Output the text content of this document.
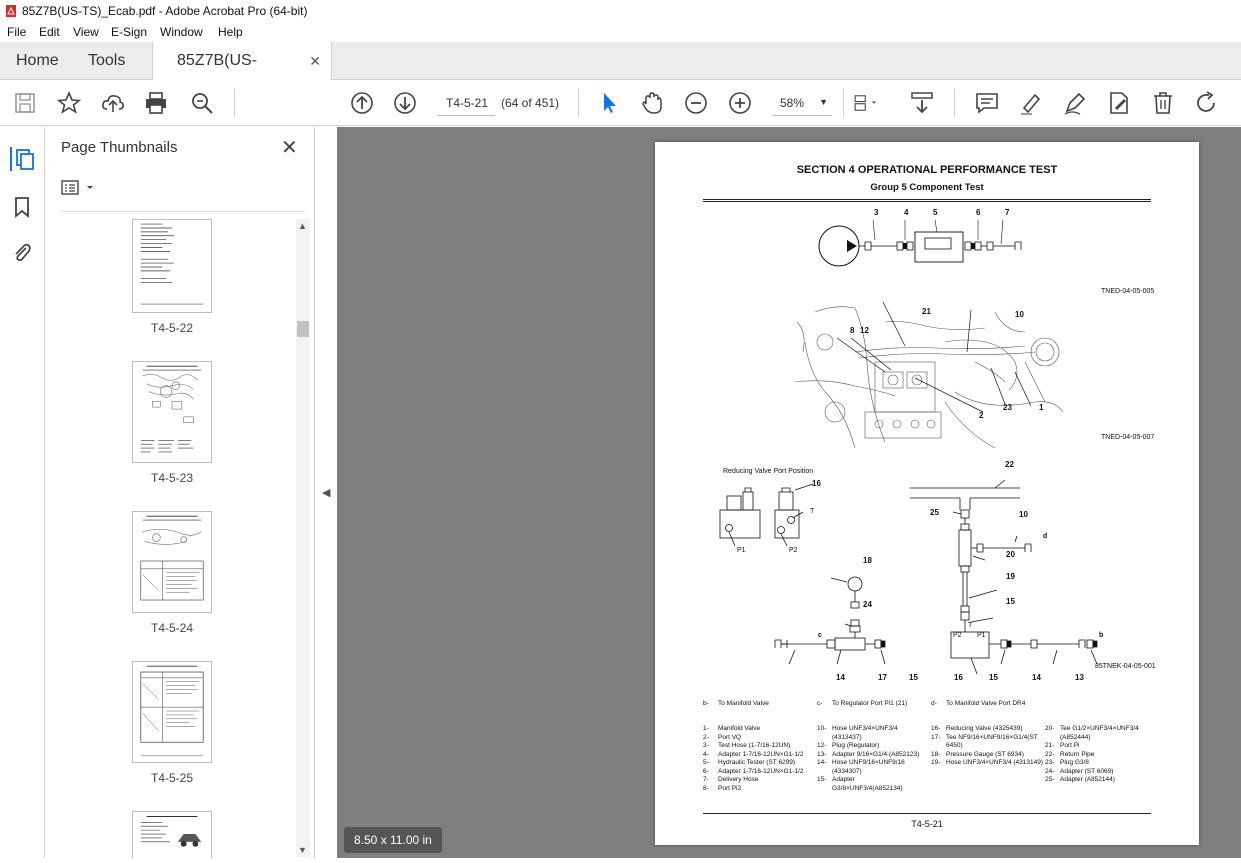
85Z7B(US-TS)_Ecab.pdf - Adobe Acrobat Pro (64-bit)
File Edit View E-Sign Window Help
Home Tools	85Z7B(US-	✕
T4-5-21	(64 of 451)	58% ▼
Page Thumbnails	✕
T4-5-22
T4-5-23
T4-5-24
T4-5-25
▲
▼
◀
SECTION 4 OPERATIONAL PERFORMANCE TEST
Group 5 Component Test
3	4	5	6	7
TNED-04-05-005
21	10
8 12
2
23	1
TNED-04-05-007
Reducing Valve Port Position
22
16
25	10
20
18
19
24	15
14	17	15	16	15	14	13
d
c	b
T
T
P1	P2
P2 P1
85TNEK-04-05-001
b- To Manifold Valve	c- To Regulator Port Pi1 (21)	d- To Manifold Valve Port DR4
1- Manifold Valve
2- Port VQ
3- Test Hose (1-7/16-12UN)
4- Adapter 1-7/16-12UN×G1-1/2
5- Hydraulic Tester (ST 6299)
6- Adapter 1-7/16-12UN×G1-1/2
7- Delivery Hose
8- Port Pi2
10- Hose UNF3/4×UNF3/4 (4313437)
12- Plug (Regulator)
13- Adapter 9/16×G1/4 (A852123)
14- Hose UNF9/16×UNF9/16 (4334307)
15- Adapter G3/8×UNF3/4(A852134)
16- Reducing Valve (4325439)
17- Tee NF9/16×UNF9/16×G1/4(ST 6450)
18- Pressure Gauge (ST 6934)
19- Hose UNF3/4×UNF3/4 (4313149)
20- Tee G1/2×UNF3/4×UNF3/4 (A852444)
21- Port Pi
22- Return Pipe
23- Plug G3/8
24- Adapter (ST 6069)
25- Adapter (A852144)
T4-5-21
8.50 x 11.00 in
